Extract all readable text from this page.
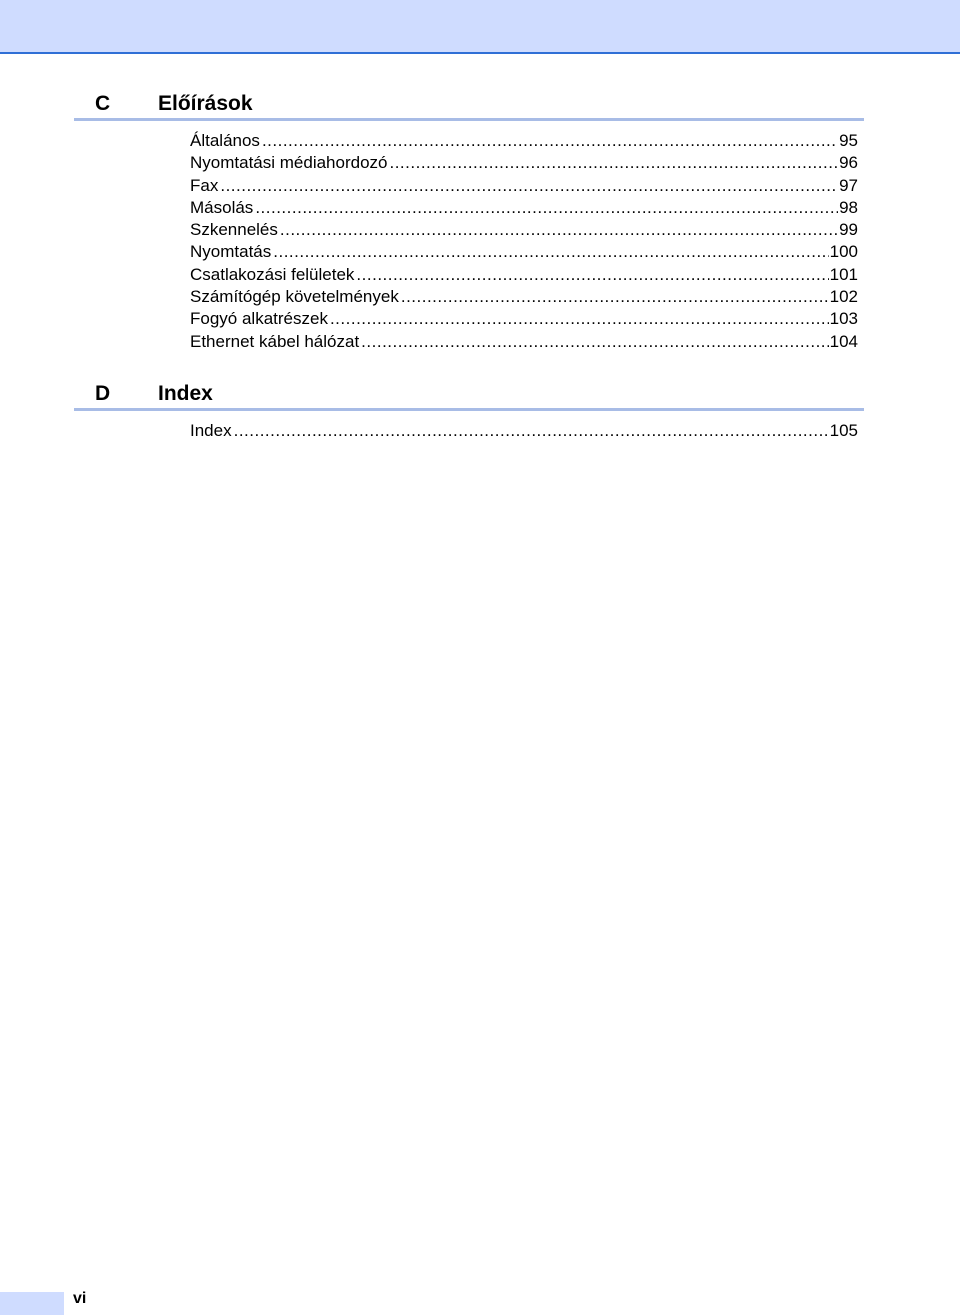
C Előírások
Általános .....	95
Nyomtatási médiahordozó .....	96
Fax .....	97
Másolás .....	98
Szkennelés .....	99
Nyomtatás .....	100
Csatlakozási felületek .....	101
Számítógép követelmények .....	102
Fogyó alkatrészek .....	103
Ethernet kábel hálózat .....	104
D Index
Index .....	105
vi
